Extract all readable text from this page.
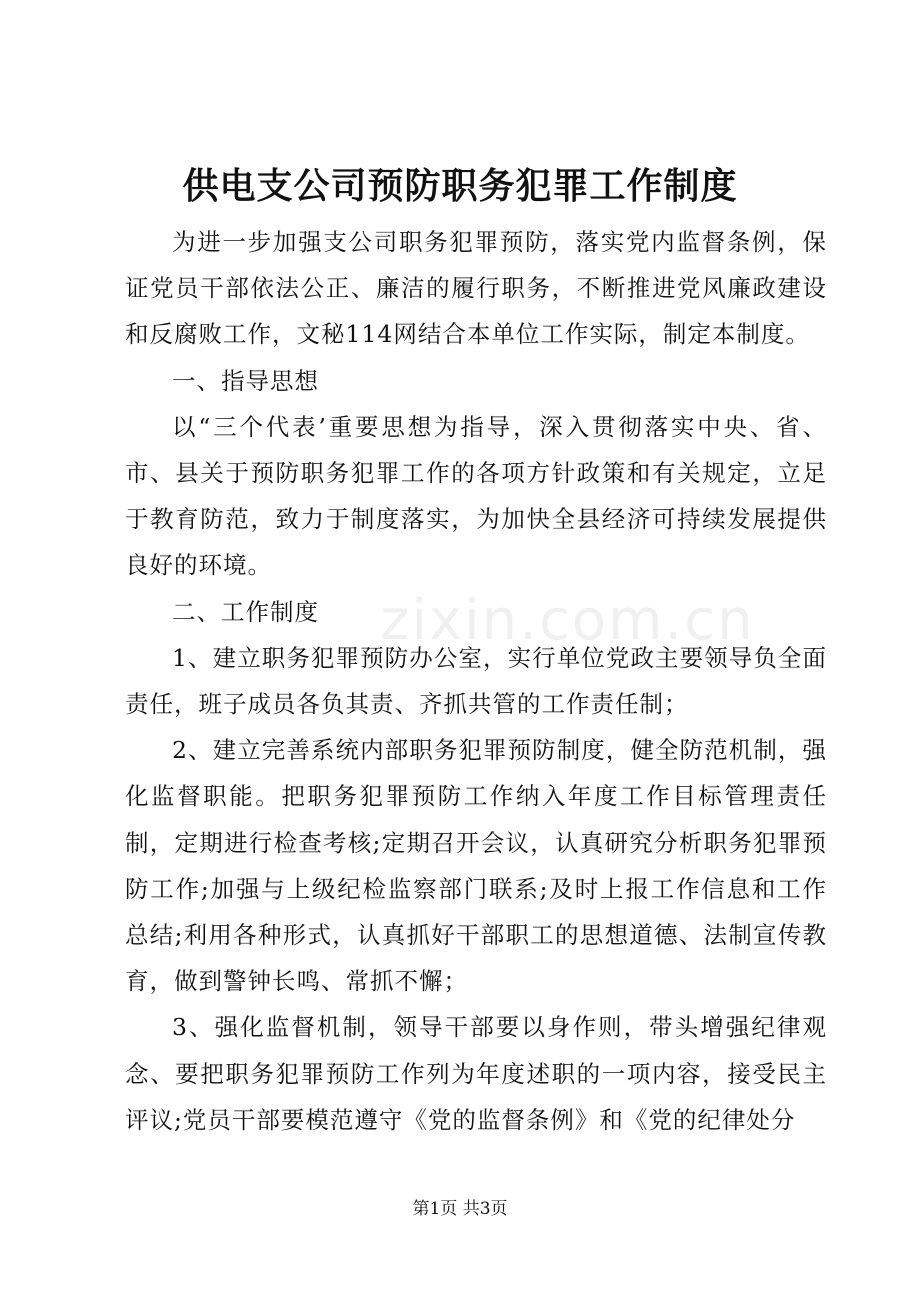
供电支公司预防职务犯罪工作制度
zixin.com.cn

为进一步加强支公司职务犯罪预防，落实党内监督条例，保证党员干部依法公正、廉洁的履行职务，不断推进党风廉政建设和反腐败工作，文秘114网结合本单位工作实际，制定本制度。

一、指导思想

以“三个代表’重要思想为指导，深入贯彻落实中央、省、市、县关于预防职务犯罪工作的各项方针政策和有关规定，立足于教育防范，致力于制度落实，为加快全县经济可持续发展提供良好的环境。

二、工作制度

1、建立职务犯罪预防办公室，实行单位党政主要领导负全面责任，班子成员各负其责、齐抓共管的工作责任制；

2、建立完善系统内部职务犯罪预防制度，健全防范机制，强化监督职能。把职务犯罪预防工作纳入年度工作目标管理责任制，定期进行检查考核;定期召开会议，认真研究分析职务犯罪预防工作;加强与上级纪检监察部门联系;及时上报工作信息和工作总结;利用各种形式，认真抓好干部职工的思想道德、法制宣传教育，做到警钟长鸣、常抓不懈；

3、强化监督机制，领导干部要以身作则，带头增强纪律观念、要把职务犯罪预防工作列为年度述职的一项内容，接受民主评议;党员干部要模范遵守《党的监督条例》和《党的纪律处分

第1页 共3页
